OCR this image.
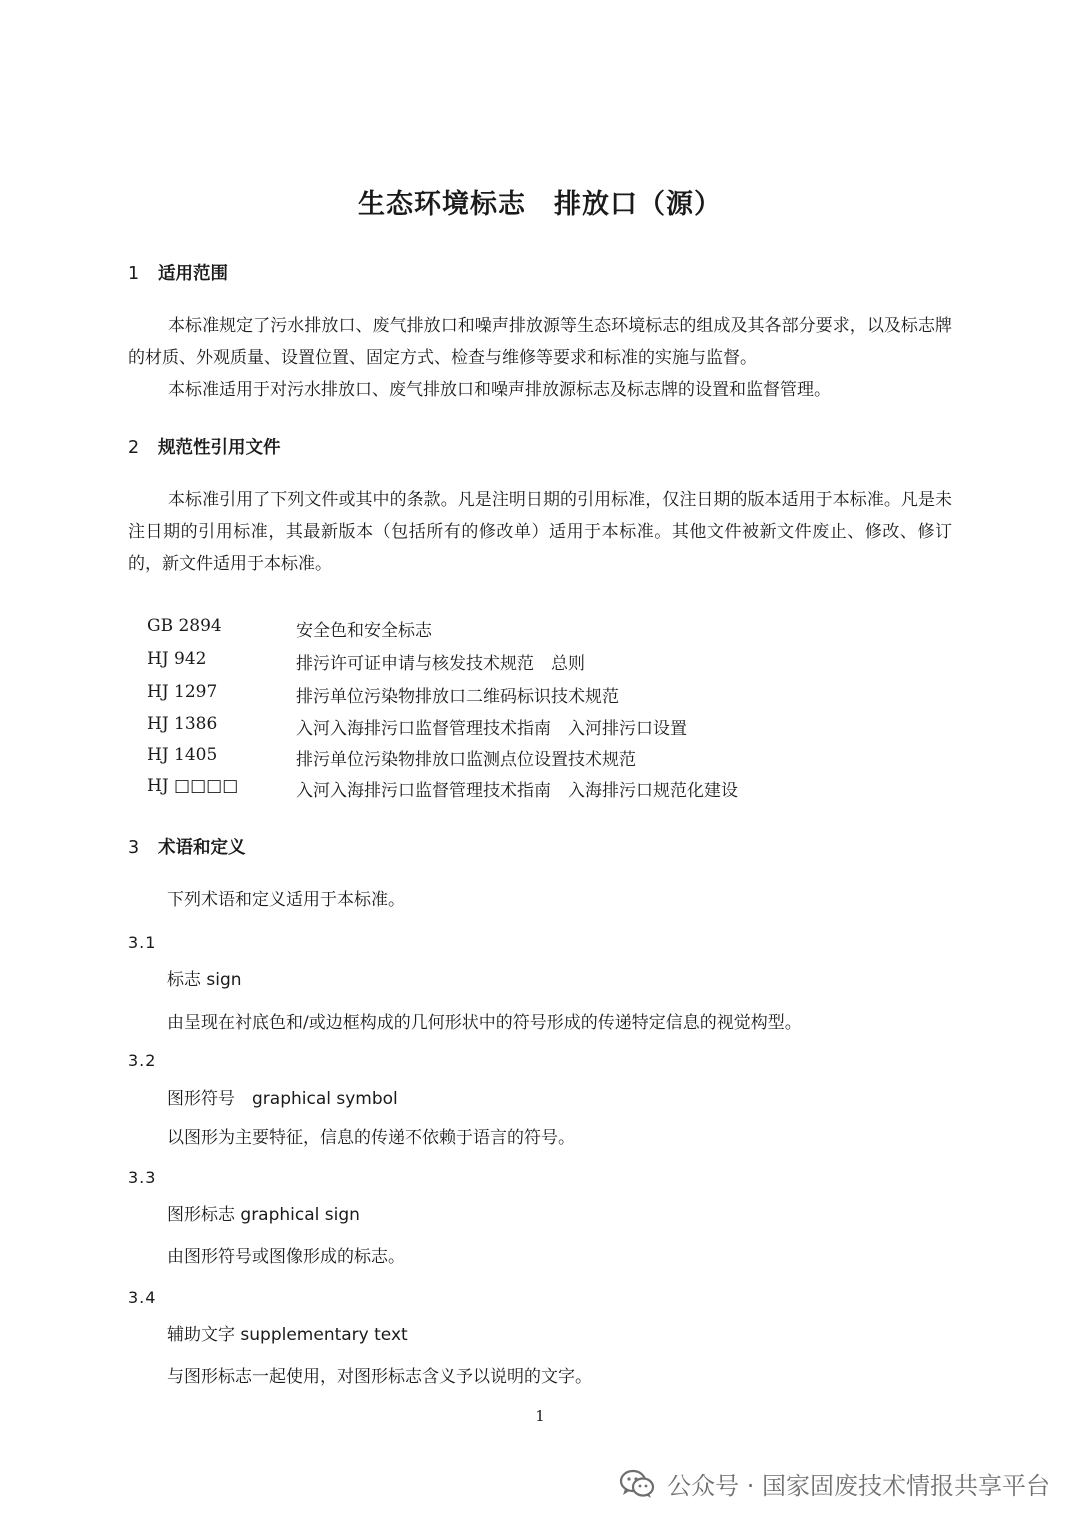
生态环境标志　排放口（源）
1 适用范围

本标准规定了污水排放口、废气排放口和噪声排放源等生态环境标志的组成及其各部分要求，以及标志牌的材质、外观质量、设置位置、固定方式、检查与维修等要求和标准的实施与监督。

本标准适用于对污水排放口、废气排放口和噪声排放源标志及标志牌的设置和监督管理。

2 规范性引用文件

本标准引用了下列文件或其中的条款。凡是注明日期的引用标准，仅注日期的版本适用于本标准。凡是未注日期的引用标准，其最新版本（包括所有的修改单）适用于本标准。其他文件被新文件废止、修改、修订的，新文件适用于本标准。

GB 2894	安全色和安全标志
HJ 942	排污许可证申请与核发技术规范　总则
HJ 1297	排污单位污染物排放口二维码标识技术规范
HJ 1386	入河入海排污口监督管理技术指南　入河排污口设置
HJ 1405	排污单位污染物排放口监测点位设置技术规范
HJ □□□□	入河入海排污口监督管理技术指南　入海排污口规范化建设
3 术语和定义
下列术语和定义适用于本标准。
3.1
标志 sign
由呈现在衬底色和/或边框构成的几何形状中的符号形成的传递特定信息的视觉构型。
3.2
图形符号　graphical symbol
以图形为主要特征，信息的传递不依赖于语言的符号。
3.3
图形标志 graphical sign
由图形符号或图像形成的标志。
3.4
辅助文字 supplementary text
与图形标志一起使用，对图形标志含义予以说明的文字。
1
公众号 · 国家固废技术情报共享平台
